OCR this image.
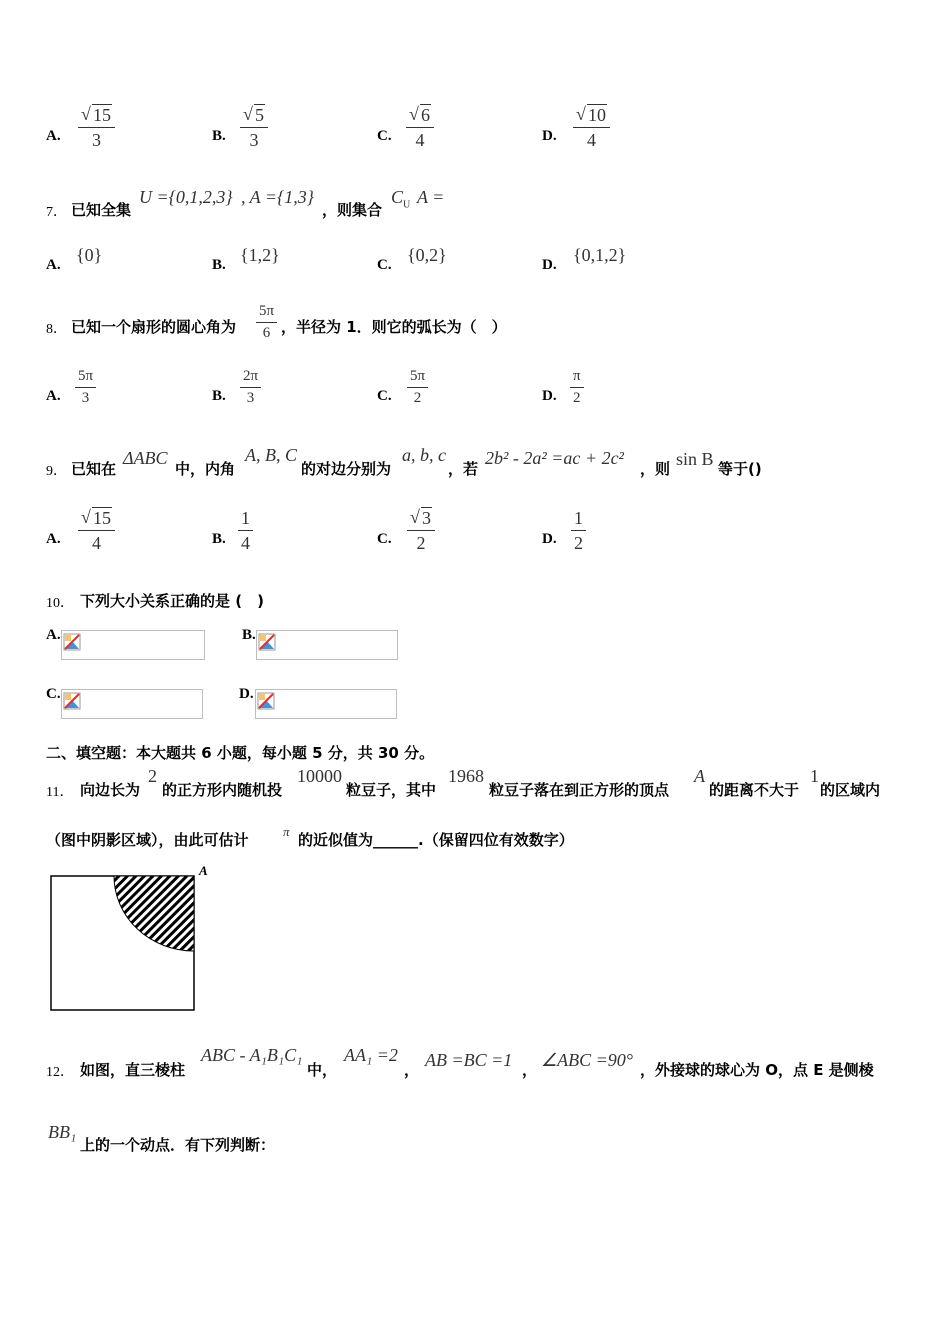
A.
√ 15
3	B.
√ 5
3	C.
√ 6
4	D.
√ 10
4
7． 已知全集
U ={0,1,2,3} , A ={1,3}
，则集合
$C_U$ A =
A. {0}	B. {1,2}	C. {0,2}	D. {0,1,2}
8． 已知一个扇形的圆心角为
5π
6 ，半径为 1．则它的弧长为（　）
A.
5π
3	B.
2π
3	C.
5π
2	D.
π
2
9． 已知在
ΔABC
中，内角
A, B, C
的对边分别为
a, b, c
，若
2b² - 2a² =ac + 2c²
，则 sin B 等于()
A.
√ 15
4	B.
1
4	C.
√ 3
2	D.
1
2
10． 下列大小关系正确的是 (　)
A.	B.
C.	D.
二、填空题：本大题共 6 小题，每小题 5 分，共 30 分。
11． 向边长为
2
的正方形内随机投
10000
粒豆子，其中
1968
粒豆子落在到正方形的顶点
A
的距离不大于
1
的区域内
（图中阴影区域），由此可估计	π 的近似值为______.（保留四位有效数字）
A
12． 如图，直三棱柱
ABC - A₁B₁C₁
中，
AA₁ =2
， AB =BC =1 ， ∠ABC =90° ，外接球的球心为 O，点 E 是侧棱
BB₁
上的一个动点．有下列判断：
